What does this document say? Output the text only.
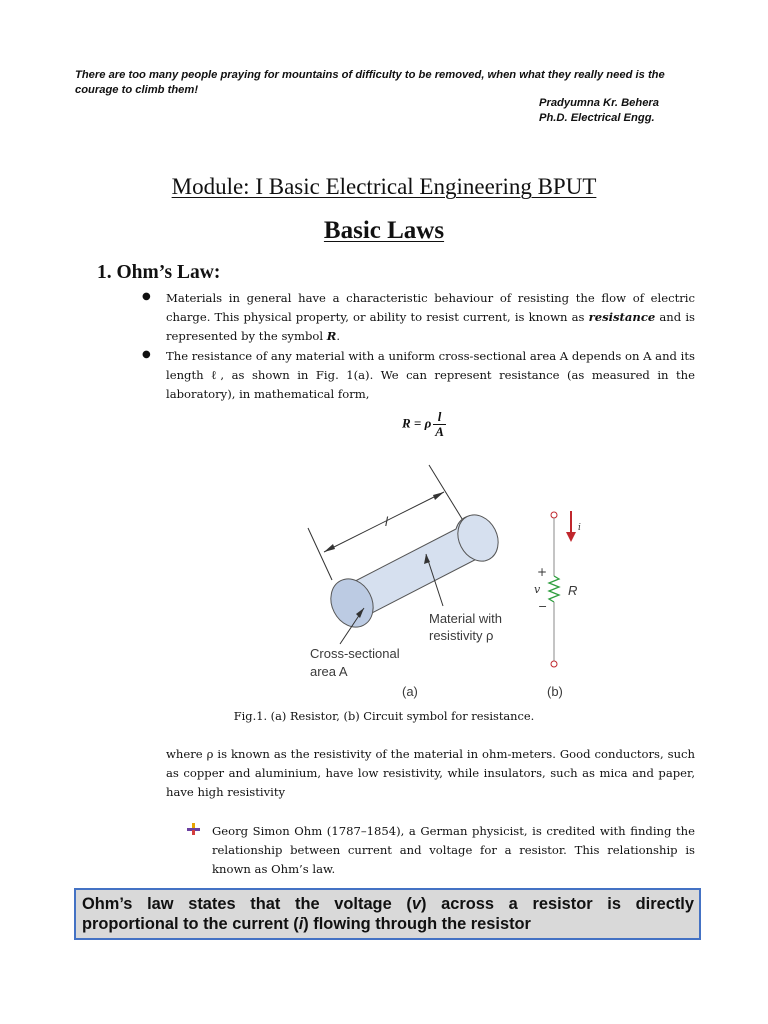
There are too many people praying for mountains of difficulty to be removed, when what they really need is the courage to climb them!
Pradyumna Kr. Behera
Ph.D. Electrical Engg.
Module: I Basic Electrical Engineering BPUT
Basic Laws
1. Ohm’s Law:
● Materials in general have a characteristic behaviour of resisting the flow of electric charge. This physical property, or ability to resist current, is known as resistance and is represented by the symbol R.
● The resistance of any material with a uniform cross-sectional area A depends on A and its length ℓ, as shown in Fig. 1(a). We can represent resistance (as measured in the laboratory), in mathematical form,
R = ρ $\frac{l}{A}$
l
Material with
resistivity ρ
Cross-sectional
area A
(a)
i
+
v
−
R
(b)
Fig.1. (a) Resistor, (b) Circuit symbol for resistance.
where ρ is known as the resistivity of the material in ohm-meters. Good conductors, such as copper and aluminium, have low resistivity, while insulators, such as mica and paper, have high resistivity
Georg Simon Ohm (1787–1854), a German physicist, is credited with finding the relationship between current and voltage for a resistor. This relationship is known as Ohm’s law.
Ohm’s law states that the voltage (v) across a resistor is directly
proportional to the current (i) flowing through the resistor
